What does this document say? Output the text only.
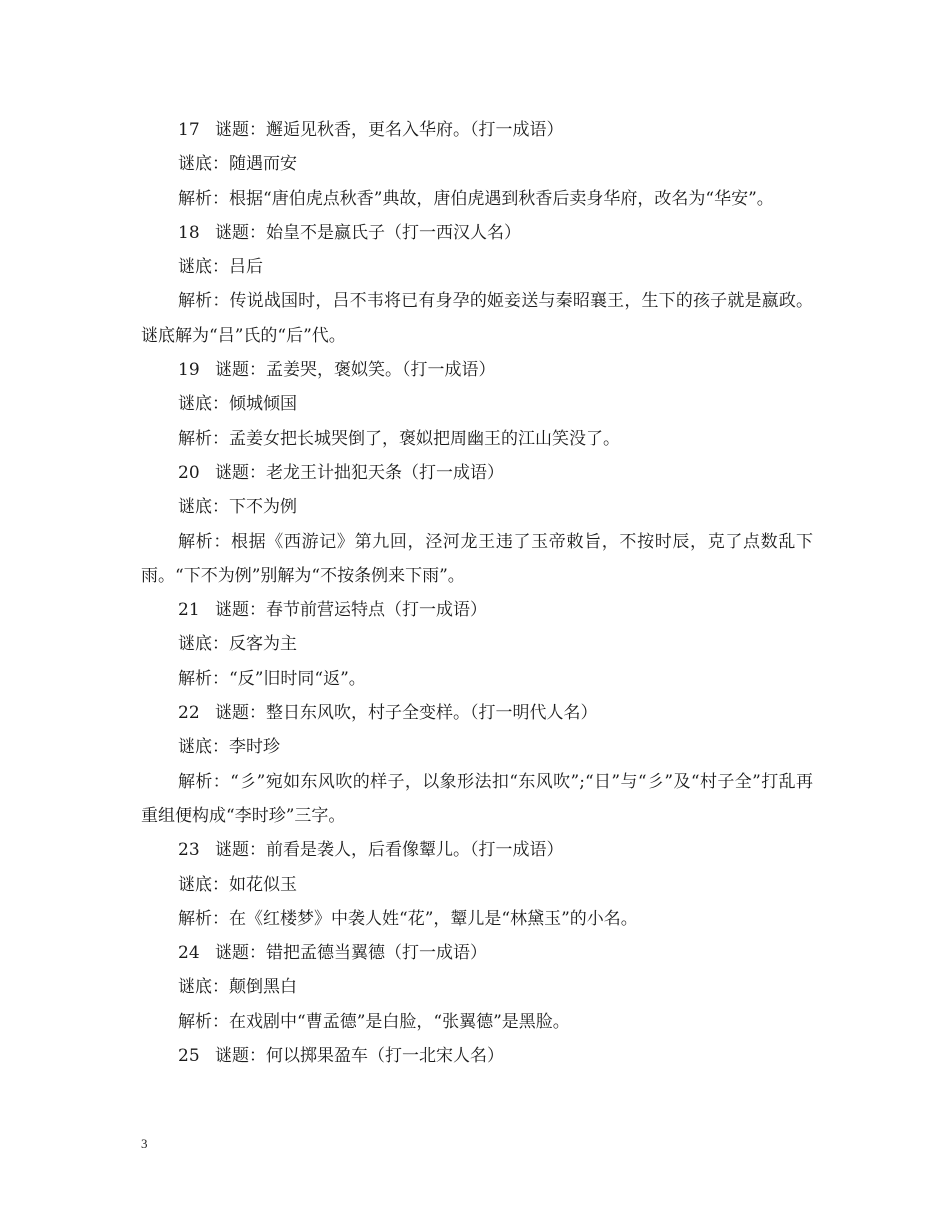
17 谜题：邂逅见秋香，更名入华府。（打一成语）

谜底：随遇而安

解析：根据“唐伯虎点秋香”典故，唐伯虎遇到秋香后卖身华府，改名为“华安”。

18 谜题：始皇不是嬴氏子（打一西汉人名）

谜底：吕后

解析：传说战国时，吕不韦将已有身孕的姬妾送与秦昭襄王，生下的孩子就是嬴政。谜底解为“吕”氏的“后”代。

19 谜题：孟姜哭，褒姒笑。（打一成语）

谜底：倾城倾国

解析：孟姜女把长城哭倒了，褒姒把周幽王的江山笑没了。

20 谜题：老龙王计拙犯天条（打一成语）

谜底：下不为例

解析：根据《西游记》第九回，泾河龙王违了玉帝敕旨，不按时辰，克了点数乱下雨。“下不为例”别解为“不按条例来下雨”。

21 谜题：春节前营运特点（打一成语）

谜底：反客为主

解析：“反”旧时同“返”。

22 谜题：整日东风吹，村子全变样。（打一明代人名）

谜底：李时珍

解析：“彡”宛如东风吹的样子，以象形法扣“东风吹”;“日”与“彡”及“村子全”打乱再重组便构成“李时珍”三字。

23 谜题：前看是袭人，后看像颦儿。（打一成语）

谜底：如花似玉

解析：在《红楼梦》中袭人姓“花”，颦儿是“林黛玉”的小名。

24 谜题：错把孟德当翼德（打一成语）

谜底：颠倒黑白

解析：在戏剧中“曹孟德”是白脸，“张翼德”是黑脸。

25 谜题：何以掷果盈车（打一北宋人名）

3
